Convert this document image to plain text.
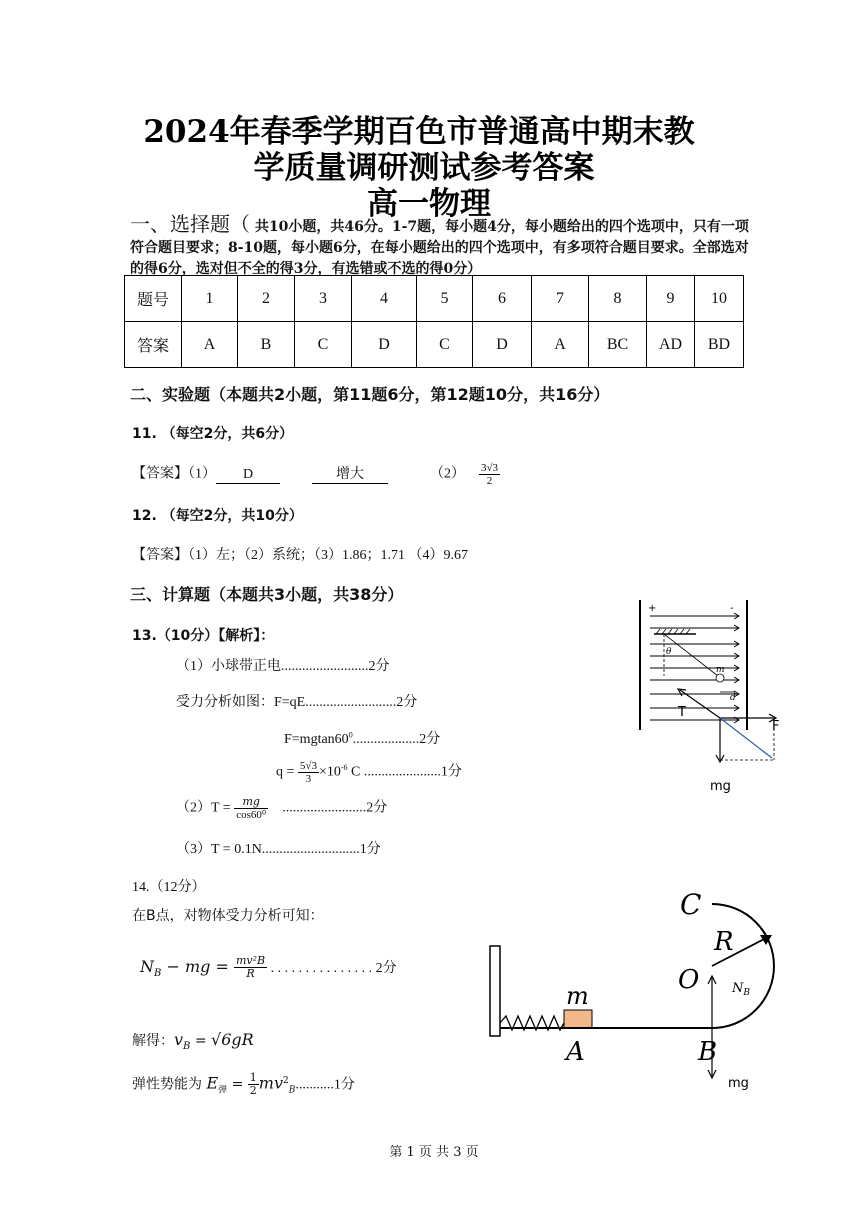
2024年春季学期百色市普通高中期末教
学质量调研测试参考答案
高一物理
一、选择题（ 共10小题，共46分。1-7题，每小题4分，每小题给出的四个选项中，只有一项符合题目要求；8-10题，每小题6分，在每小题给出的四个选项中，有多项符合题目要求。全部选对的得6分，选对但不全的得3分，有选错或不选的得0分）
题号	1	2	3	4	5	6	7	8	9	10
答案	A	B	C	D	C	D	A	BC	AD	BD
二、实验题（本题共2小题，第11题6分，第12题10分，共16分）
11. （每空2分，共6分）
【答案】（1） D	增大	$(2) \frac{3√3}{2}$
12. （每空2分，共10分）
【答案】（1）左；（2）系统；（3）1.86；1.71 （4）9.67
三、计算题（本题共3小题，共38分）
13.（10分）【解析】：
（1）小球带正电.........................2分
受力分析如图：F=qE..........................2分
$F=mgtan60^0...................2$分
$q = \frac{5√3}{3} \times 10^{-6}$ C ......................1分
$(2)T = \frac{mg}{\text{cos60⁰}} ........................2$分
（3）T = 0.1N............................1分
+	-
θ
m
d
F
T
mg
14.（12分）
在B点，对物体受力分析可知：
$N_B$ − mg = $\frac{\text{mv²B}}{R}$ . . . . . . . . . . . . . . . 2分
解得：$v_B = √6gR$
弹性势能为 $E_弹 = \frac{1}{2} mv^2_B...........1$分
C
R
O	$N_B$
m
A	B
mg
第 1 页 共 3 页
